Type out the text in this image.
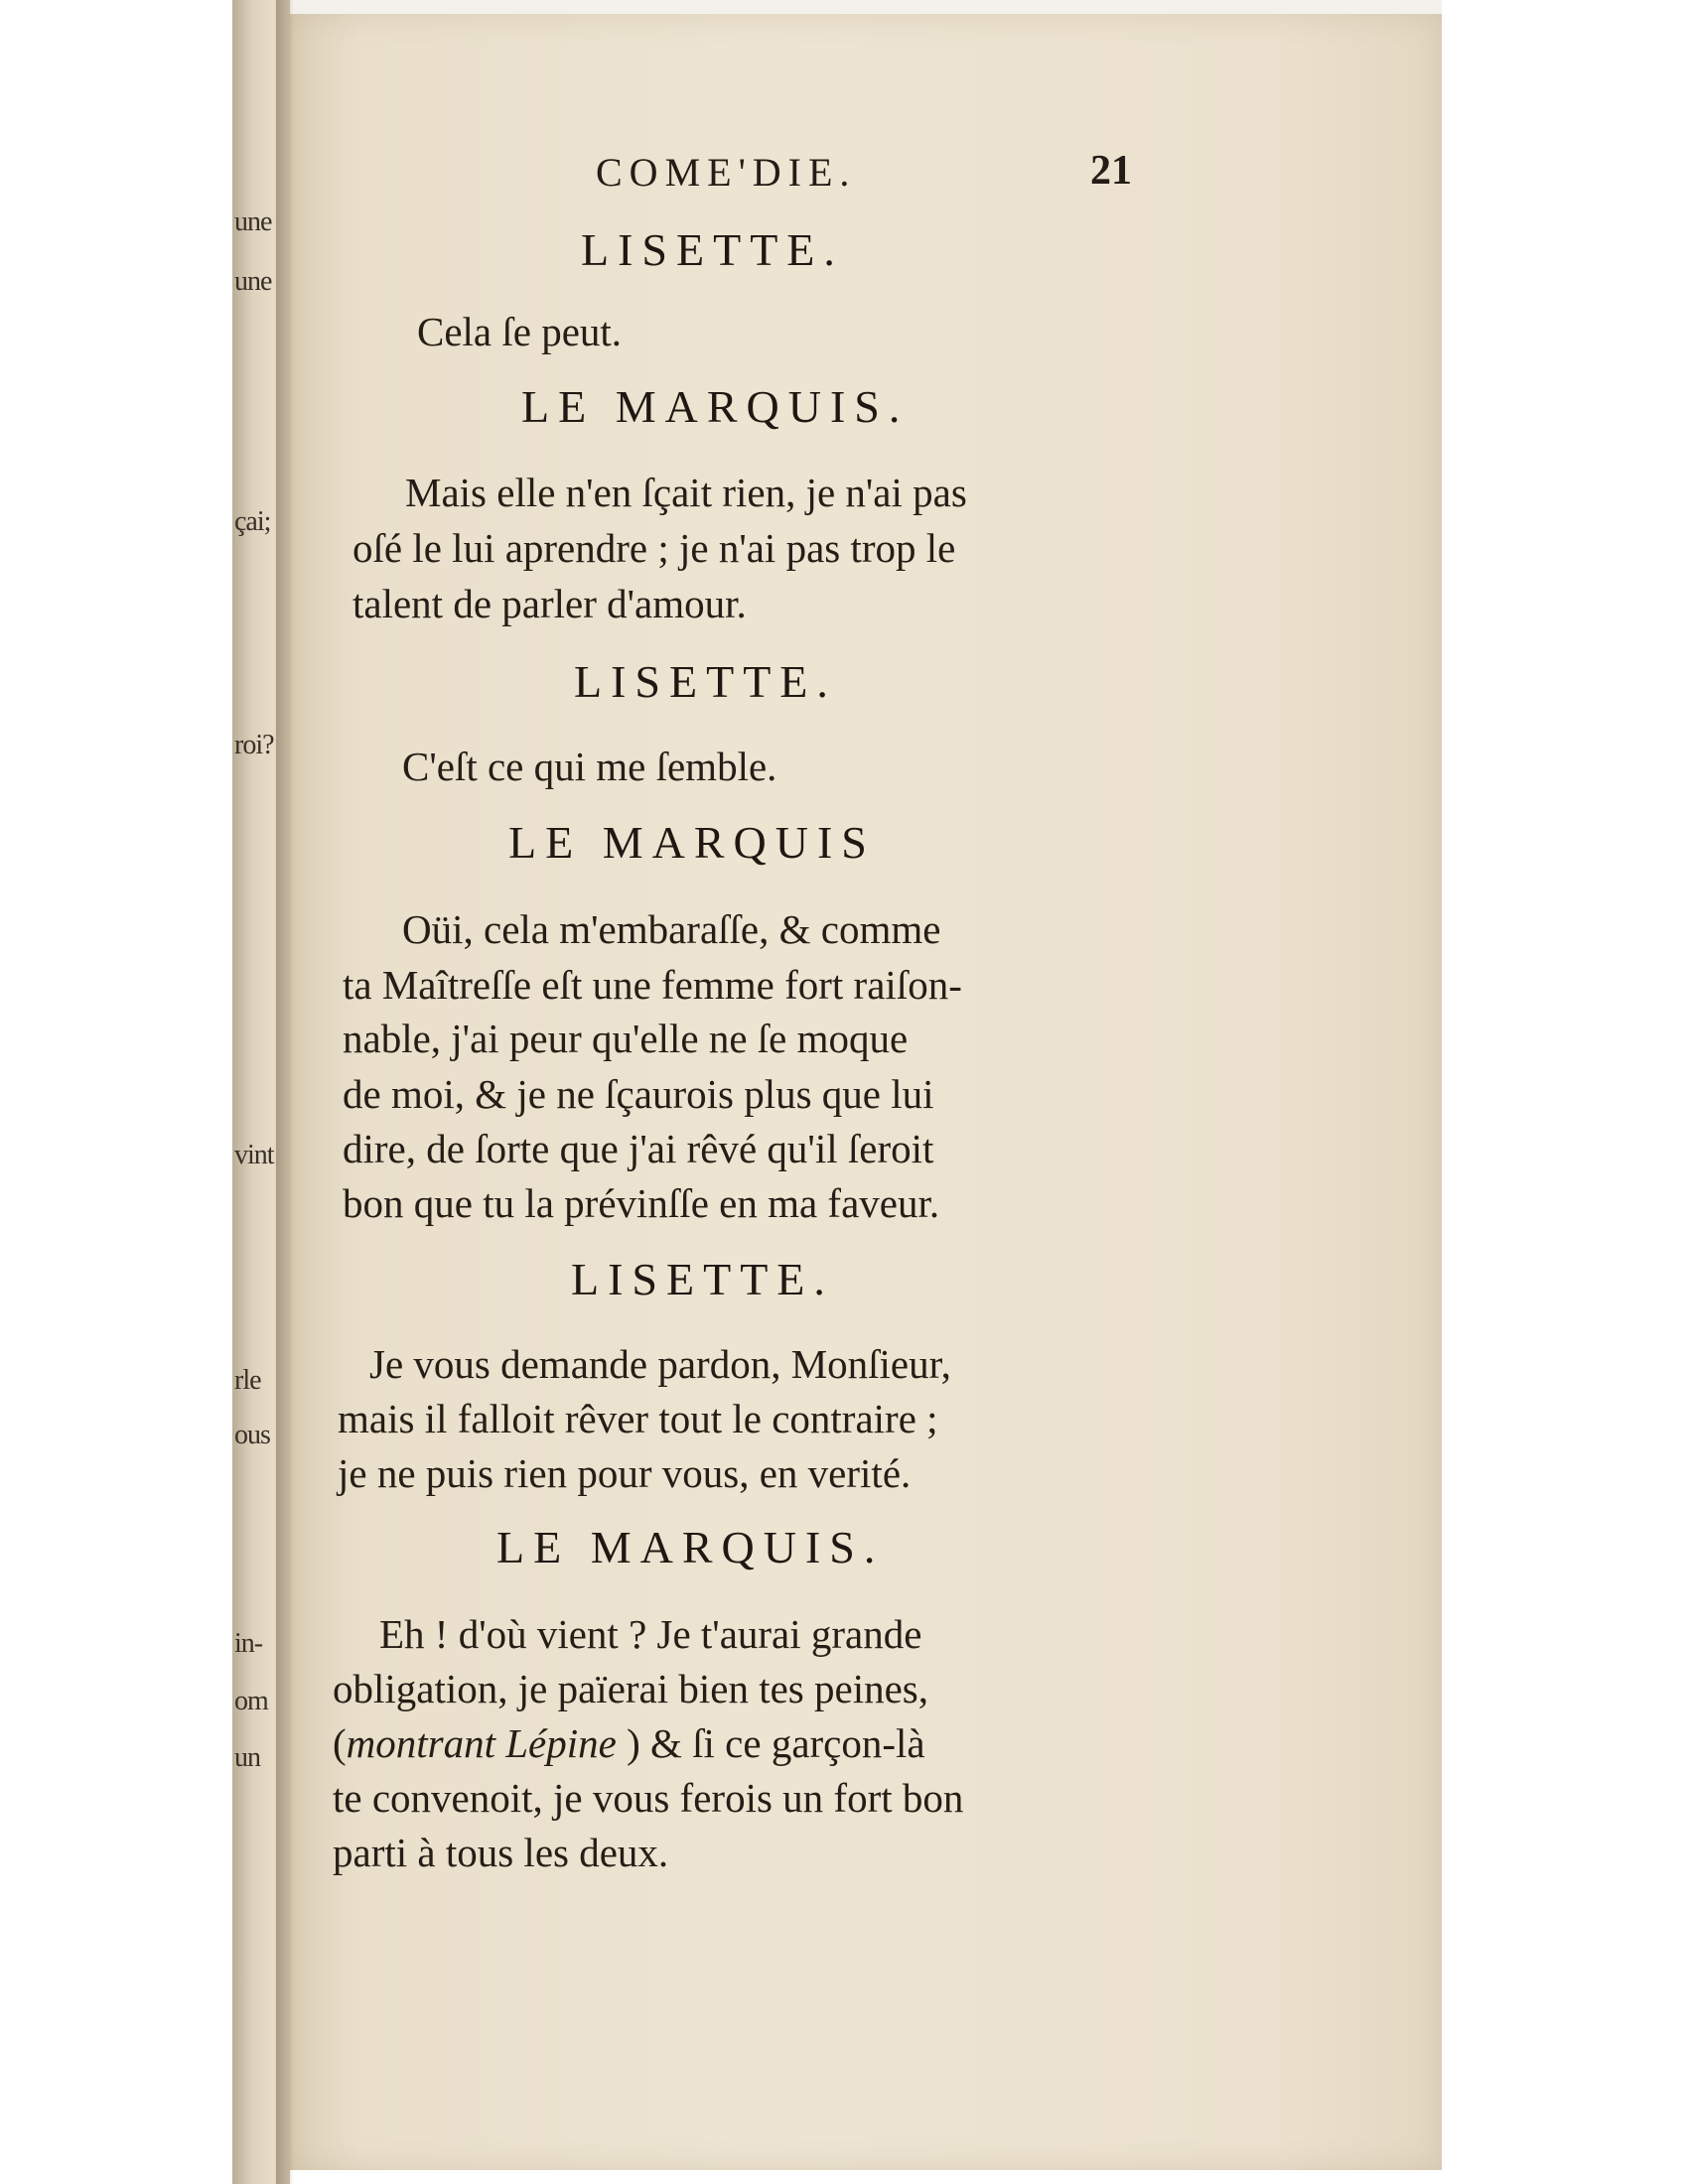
une
une
çai;
roi?
vint
rle
ous
in-
om
un
COME'DIE.	21
LISETTE.
Cela ſe peut.
LE MARQUIS.
Mais elle n'en ſçait rien, je n'ai pas
oſé le lui aprendre ; je n'ai pas trop le
talent de parler d'amour.
LISETTE.
C'eſt ce qui me ſemble.
LE MARQUIS
Oüi, cela m'embaraſſe, & comme
ta Maîtreſſe eſt une femme fort raiſon-
nable, j'ai peur qu'elle ne ſe moque
de moi, & je ne ſçaurois plus que lui
dire, de ſorte que j'ai rêvé qu'il ſeroit
bon que tu la prévinſſe en ma faveur.
LISETTE.
Je vous demande pardon, Monſieur,
mais il falloit rêver tout le contraire ;
je ne puis rien pour vous, en verité.
LE MARQUIS.
Eh ! d'où vient ? Je t'aurai grande
obligation, je païerai bien tes peines,
(montrant Lépine ) & ſi ce garçon-là
te convenoit, je vous ferois un fort bon
parti à tous les deux.
